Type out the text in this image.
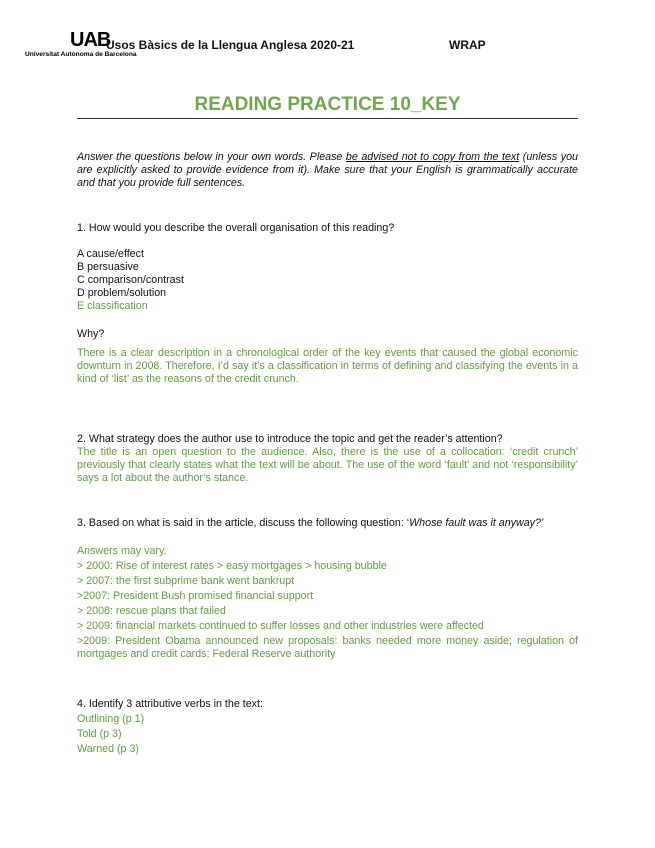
UAB
Universitat Autònoma de Barcelona
Usos Bàsics de la Llengua Anglesa 2020-21	WRAP
READING PRACTICE 10_KEY
Answer the questions below in your own words. Please be advised not to copy from the text (unless you are explicitly asked to provide evidence from it). Make sure that your English is grammatically accurate and that you provide full sentences.
1. How would you describe the overall organisation of this reading?
A cause/effect
B persuasive
C comparison/contrast
D problem/solution
E classification
Why?
There is a clear description in a chronological order of the key events that caused the global economic downturn in 2008. Therefore, I’d say it’s a classification in terms of defining and classifying the events in a kind of ‘list’ as the reasons of the credit crunch.
2. What strategy does the author use to introduce the topic and get the reader’s attention?
The title is an open question to the audience. Also, there is the use of a collocation: ‘credit crunch’ previously that clearly states what the text will be about. The use of the word ‘fault’ and not ‘responsibility’ says a lot about the author’s stance.
3. Based on what is said in the article, discuss the following question: ‘Whose fault was it anyway?’
Answers may vary.
> 2000: Rise of interest rates > easy mortgages > housing bubble
> 2007: the first subprime bank went bankrupt
>2007: President Bush promised financial support
> 2008: rescue plans that failed
> 2009: financial markets continued to suffer losses and other industries were affected

>2009: President Obama announced new proposals: banks needed more money aside; regulation of mortgages and credit cards; Federal Reserve authority

4. Identify 3 attributive verbs in the text:
Outlining (p 1)
Told (p 3)
Warned (p 3)
